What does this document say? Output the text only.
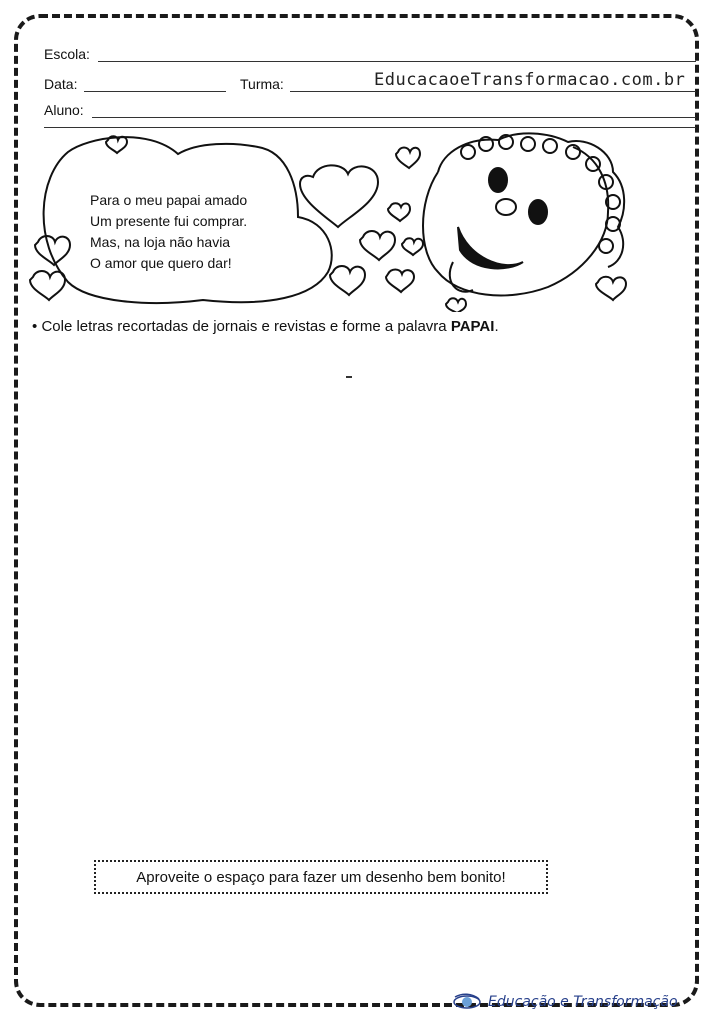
Escola:
Data:	Turma:	EducacaoeTransformacao.com.br
Aluno:
Para o meu papai amado
Um presente fui comprar.
Mas, na loja não havia
O amor que quero dar!
• Cole letras recortadas de jornais e revistas e forme a palavra PAPAI.
Aproveite o espaço para fazer um desenho bem bonito!
Educação e Transformação
